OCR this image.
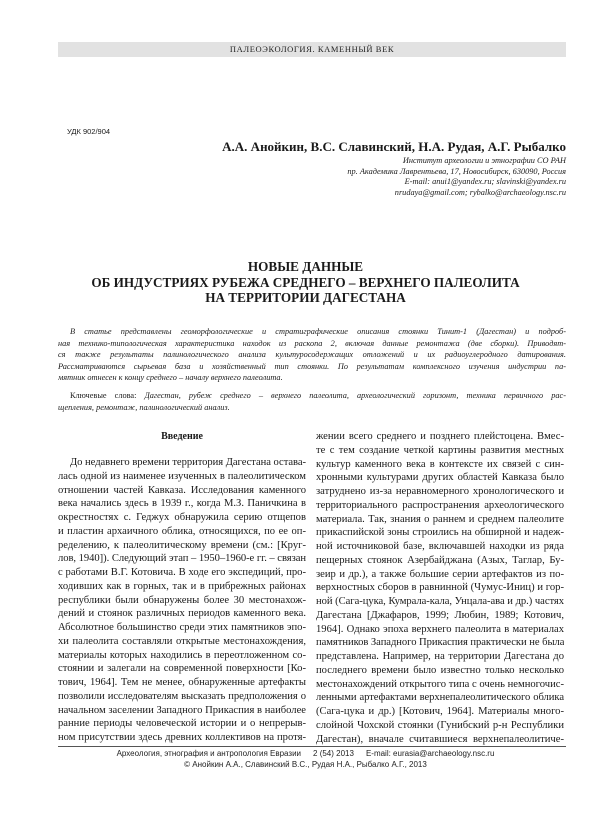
ПАЛЕОЭКОЛОГИЯ. КАМЕННЫЙ ВЕК
УДК 902/904
А.А. Анойкин, В.С. Славинский, Н.А. Рудая, А.Г. Рыбалко
Институт археологии и этнографии СО РАН
пр. Академика Лаврентьева, 17, Новосибирск, 630090, Россия
E-mail: anui1@yandex.ru; slavinski@yandex.ru
nrudaya@gmail.com; rybalko@archaeology.nsc.ru
НОВЫЕ ДАННЫЕ
ОБ ИНДУСТРИЯХ РУБЕЖА СРЕДНЕГО – ВЕРХНЕГО ПАЛЕОЛИТА
НА ТЕРРИТОРИИ ДАГЕСТАНА
В статье представлены геоморфологические и стратиграфические описания стоянки Тинит-1 (Дагестан) и подроб-
ная технико-типологическая характеристика находок из раскопа 2, включая данные ремонтажа (две сборки). Приводят-
ся также результаты палинологического анализа культуросодержащих отложений и их радиоуглеродного датирования.
Рассматриваются сырьевая база и хозяйственный тип стоянки. По результатам комплексного изучения индустрии па-
мятник отнесен к концу среднего – началу верхнего палеолита.
Ключевые слова: Дагестан, рубеж среднего – верхнего палеолита, археологический горизонт, техника первичного рас-
щепления, ремонтаж, палинологический анализ.
Введение
До недавнего времени территория Дагестана остава-
лась одной из наименее изученных в палеолитическом
отношении частей Кавказа. Исследования каменного
века начались здесь в 1939 г., когда М.З. Паничкина в
окрестностях с. Геджух обнаружила серию отщепов
и пластин архаичного облика, относящихся, по ее оп-
ределению, к палеолитическому времени (см.: [Круг-
лов, 1940]). Следующий этап – 1950–1960-е гг. – связан
с работами В.Г. Котовича. В ходе его экспедиций, про-
ходивших как в горных, так и в прибрежных районах
республики были обнаружены более 30 местонахож-
дений и стоянок различных периодов каменного века.
Абсолютное большинство среди этих памятников эпо-
хи палеолита составляли открытые местонахождения,
материалы которых находились в переотложенном со-
стоянии и залегали на современной поверхности [Ко-
тович, 1964]. Тем не менее, обнаруженные артефакты
позволили исследователям высказать предположения о
начальном заселении Западного Прикаспия в наиболее
ранние периоды человеческой истории и о непрерыв-
ном присутствии здесь древних коллективов на протя-
жении всего среднего и позднего плейстоцена. Вмес-
те с тем создание четкой картины развития местных
культур каменного века в контексте их связей с син-
хронными культурами других областей Кавказа было
затруднено из-за неравномерного хронологического и
территориального распространения археологического
материала. Так, знания о раннем и среднем палеолите
прикаспийской зоны строились на обширной и надеж-
ной источниковой базе, включавшей находки из ряда
пещерных стоянок Азербайджана (Азых, Таглар, Бу-
зеир и др.), а также большие серии артефактов из по-
верхностных сборов в равнинной (Чумус-Иниц) и гор-
ной (Сага-цука, Кумрала-кала, Унцала-ава и др.) частях
Дагестана [Джафаров, 1999; Любин, 1989; Котович,
1964]. Однако эпоха верхнего палеолита в материалах
памятников Западного Прикаспия практически не была
представлена. Например, на территории Дагестана до
последнего времени было известно только несколько
местонахождений открытого типа с очень немногочис-
ленными артефактами верхнепалеолитического облика
(Сага-цука и др.) [Котович, 1964]. Материалы много-
слойной Чохской стоянки (Гунибский р-н Республики
Дагестан), вначале считавшиеся верхнепалеолитиче-
Археология, этнография и антропология Евразии 2 (54) 2013 E-mail: eurasia@archaeology.nsc.ru
© Анойкин А.А., Славинский В.С., Рудая Н.А., Рыбалко А.Г., 2013
